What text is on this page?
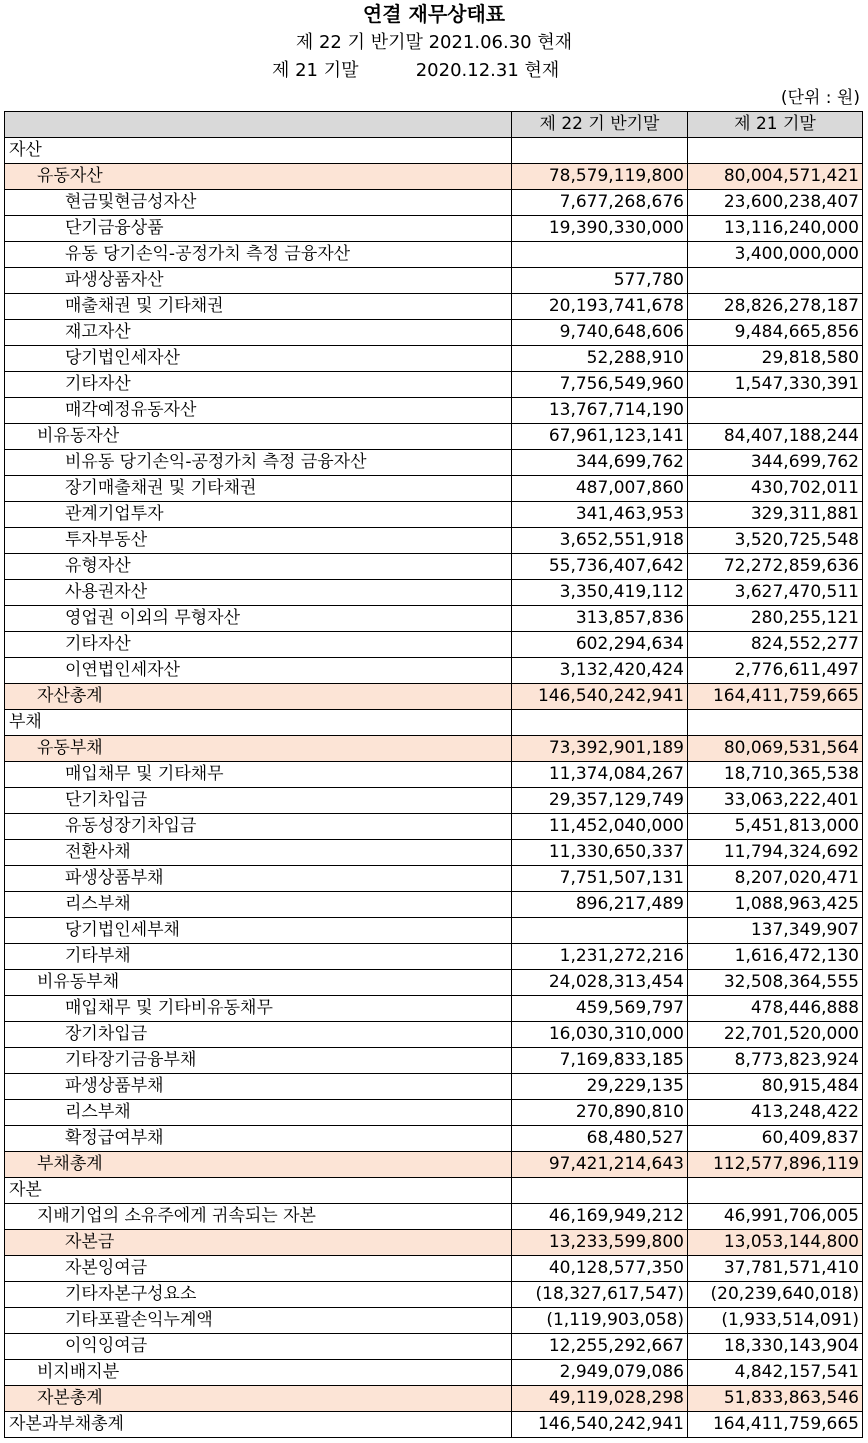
연결 재무상태표
제 22 기 반기말 2021.06.30 현재
제 21 기말          2020.12.31 현재
(단위 : 원)
	제 22 기 반기말	제 21 기말
자산		
유동자산	78,579,119,800	80,004,571,421
현금및현금성자산	7,677,268,676	23,600,238,407
단기금융상품	19,390,330,000	13,116,240,000
유동 당기손익-공정가치 측정 금융자산		3,400,000,000
파생상품자산	577,780	
매출채권 및 기타채권	20,193,741,678	28,826,278,187
재고자산	9,740,648,606	9,484,665,856
당기법인세자산	52,288,910	29,818,580
기타자산	7,756,549,960	1,547,330,391
매각예정유동자산	13,767,714,190	
비유동자산	67,961,123,141	84,407,188,244
비유동 당기손익-공정가치 측정 금융자산	344,699,762	344,699,762
장기매출채권 및 기타채권	487,007,860	430,702,011
관계기업투자	341,463,953	329,311,881
투자부동산	3,652,551,918	3,520,725,548
유형자산	55,736,407,642	72,272,859,636
사용권자산	3,350,419,112	3,627,470,511
영업권 이외의 무형자산	313,857,836	280,255,121
기타자산	602,294,634	824,552,277
이연법인세자산	3,132,420,424	2,776,611,497
자산총계	146,540,242,941	164,411,759,665
부채		
유동부채	73,392,901,189	80,069,531,564
매입채무 및 기타채무	11,374,084,267	18,710,365,538
단기차입금	29,357,129,749	33,063,222,401
유동성장기차입금	11,452,040,000	5,451,813,000
전환사채	11,330,650,337	11,794,324,692
파생상품부채	7,751,507,131	8,207,020,471
리스부채	896,217,489	1,088,963,425
당기법인세부채		137,349,907
기타부채	1,231,272,216	1,616,472,130
비유동부채	24,028,313,454	32,508,364,555
매입채무 및 기타비유동채무	459,569,797	478,446,888
장기차입금	16,030,310,000	22,701,520,000
기타장기금융부채	7,169,833,185	8,773,823,924
파생상품부채	29,229,135	80,915,484
리스부채	270,890,810	413,248,422
확정급여부채	68,480,527	60,409,837
부채총계	97,421,214,643	112,577,896,119
자본		
지배기업의 소유주에게 귀속되는 자본	46,169,949,212	46,991,706,005
자본금	13,233,599,800	13,053,144,800
자본잉여금	40,128,577,350	37,781,571,410
기타자본구성요소	(18,327,617,547)	(20,239,640,018)
기타포괄손익누계액	(1,119,903,058)	(1,933,514,091)
이익잉여금	12,255,292,667	18,330,143,904
비지배지분	2,949,079,086	4,842,157,541
자본총계	49,119,028,298	51,833,863,546
자본과부채총계	146,540,242,941	164,411,759,665
